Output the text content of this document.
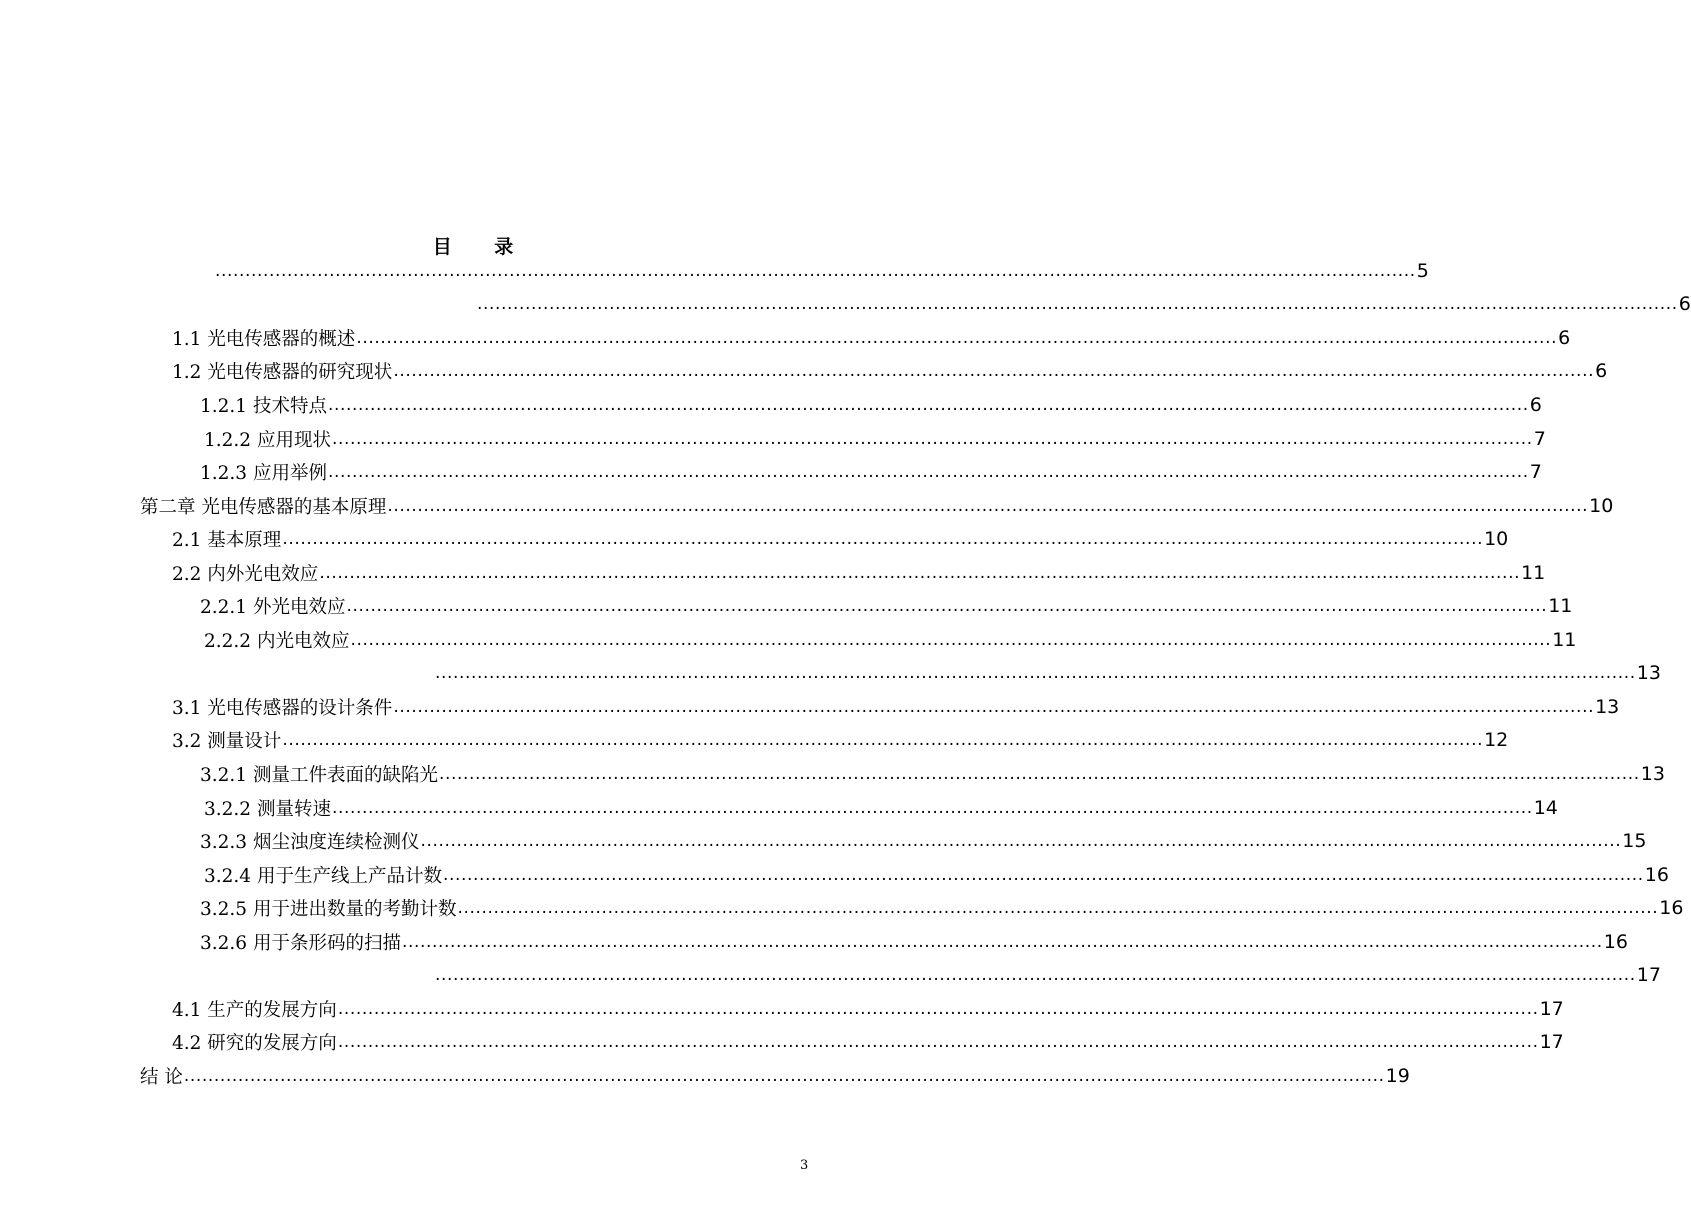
目 录
........................................................................................................................................................................................................ 5
........................................................................................................................................................................................................ 6
1.1 光电传感器的概述 ........................................................................................................................................................................................................ 6
1.2 光电传感器的研究现状 ........................................................................................................................................................................................................ 6
1.2.1 技术特点 ........................................................................................................................................................................................................ 6
1.2.2 应用现状 ........................................................................................................................................................................................................ 7
1.2.3 应用举例 ........................................................................................................................................................................................................ 7
第二章 光电传感器的基本原理 ........................................................................................................................................................................................................ 10
2.1 基本原理 ........................................................................................................................................................................................................ 10
2.2 内外光电效应 ........................................................................................................................................................................................................ 11
2.2.1 外光电效应 ........................................................................................................................................................................................................ 11
2.2.2 内光电效应 ........................................................................................................................................................................................................ 11
........................................................................................................................................................................................................ 13
3.1 光电传感器的设计条件 ........................................................................................................................................................................................................ 13
3.2 测量设计 ........................................................................................................................................................................................................ 12
3.2.1 测量工件表面的缺陷光 ........................................................................................................................................................................................................ 13
3.2.2 测量转速 ........................................................................................................................................................................................................ 14
3.2.3 烟尘浊度连续检测仪 ........................................................................................................................................................................................................ 15
3.2.4 用于生产线上产品计数 ........................................................................................................................................................................................................ 16
3.2.5 用于进出数量的考勤计数 ........................................................................................................................................................................................................ 16
3.2.6 用于条形码的扫描 ........................................................................................................................................................................................................ 16
........................................................................................................................................................................................................ 17
4.1 生产的发展方向 ........................................................................................................................................................................................................ 17
4.2 研究的发展方向 ........................................................................................................................................................................................................ 17
结 论 ........................................................................................................................................................................................................ 19
3
